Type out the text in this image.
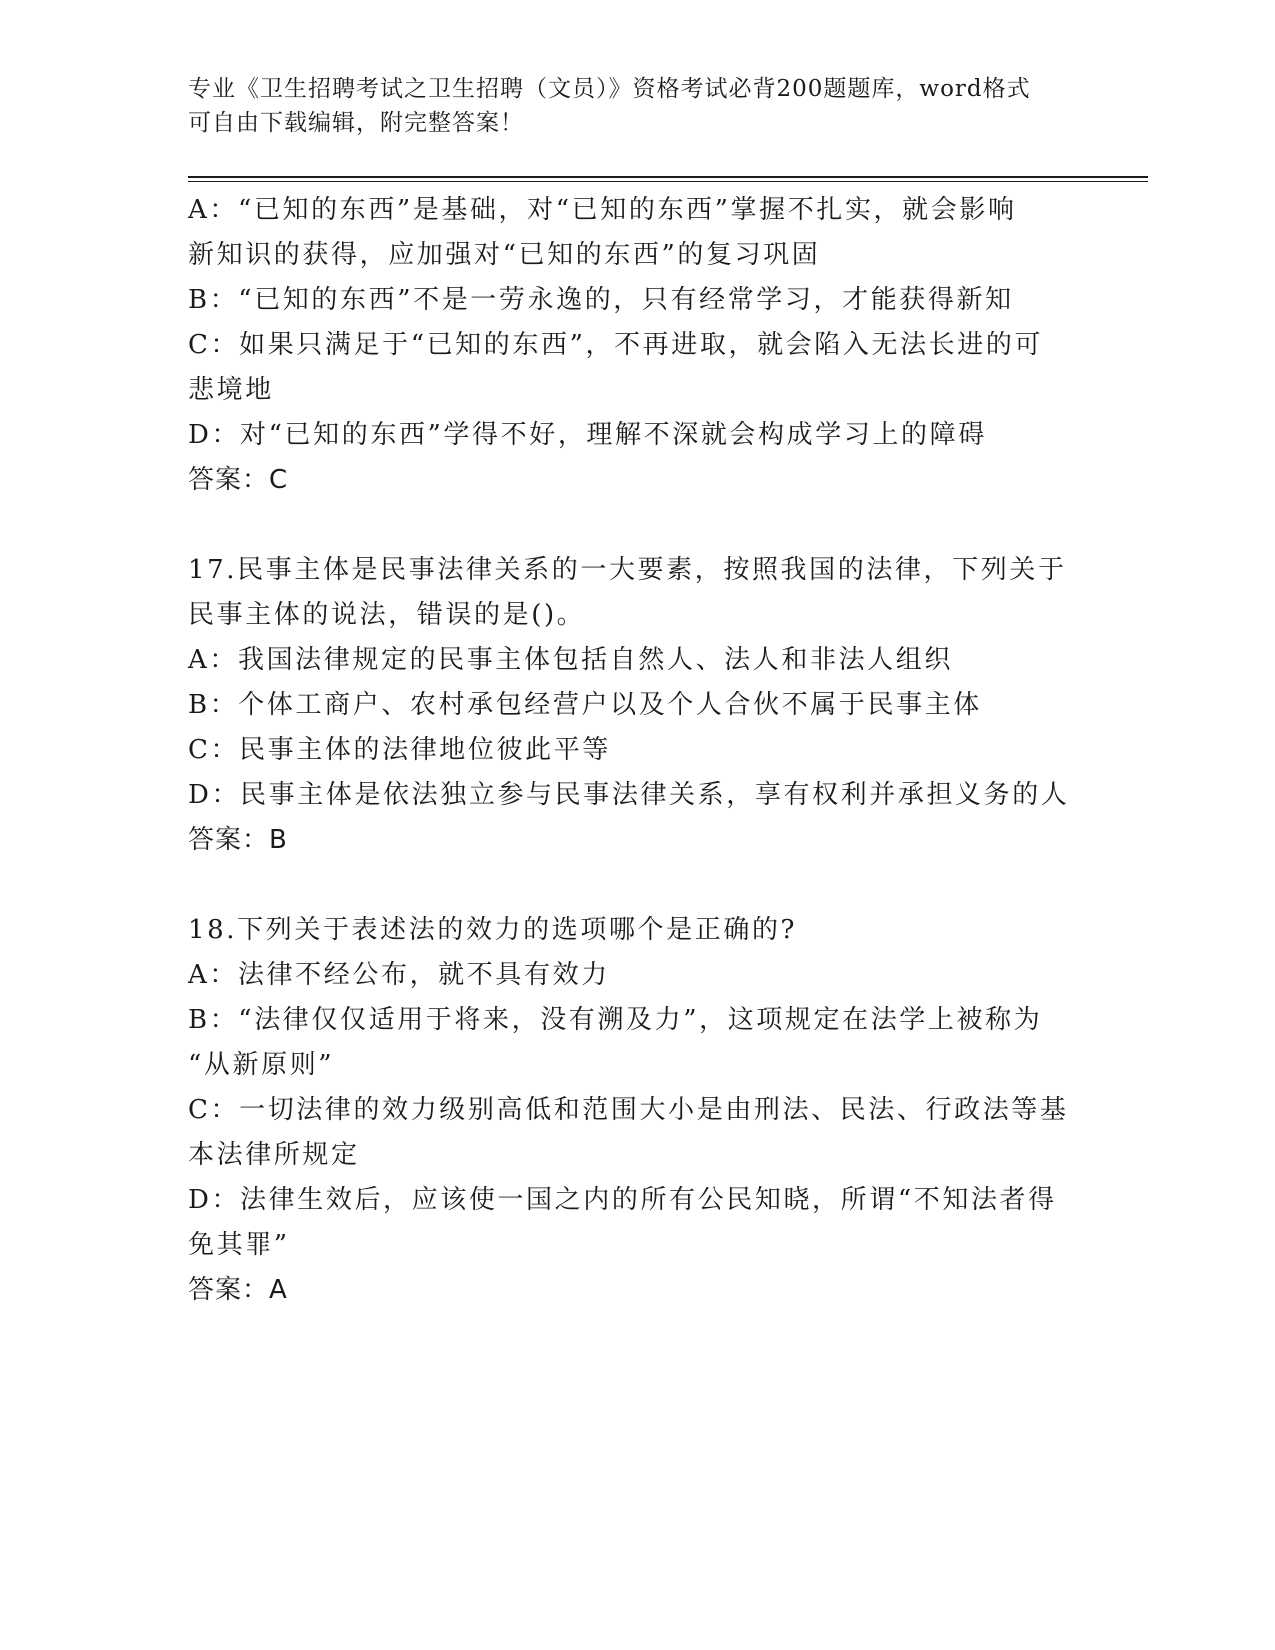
专业《卫生招聘考试之卫生招聘（文员）》资格考试必背200题题库，word格式
可自由下载编辑，附完整答案！
A：“已知的东西”是基础，对“已知的东西”掌握不扎实，就会影响
新知识的获得，应加强对“已知的东西”的复习巩固
B：“已知的东西”不是一劳永逸的，只有经常学习，才能获得新知
C：如果只满足于“已知的东西”，不再进取，就会陷入无法长进的可
悲境地
D：对“已知的东西”学得不好，理解不深就会构成学习上的障碍
答案：C
17.民事主体是民事法律关系的一大要素，按照我国的法律，下列关于
民事主体的说法，错误的是()。
A：我国法律规定的民事主体包括自然人、法人和非法人组织
B：个体工商户、农村承包经营户以及个人合伙不属于民事主体
C：民事主体的法律地位彼此平等
D：民事主体是依法独立参与民事法律关系，享有权利并承担义务的人
答案：B
18.下列关于表述法的效力的选项哪个是正确的?
A：法律不经公布，就不具有效力
B：“法律仅仅适用于将来，没有溯及力”，这项规定在法学上被称为
“从新原则”
C：一切法律的效力级别高低和范围大小是由刑法、民法、行政法等基
本法律所规定
D：法律生效后，应该使一国之内的所有公民知晓，所谓“不知法者得
免其罪”
答案：A
